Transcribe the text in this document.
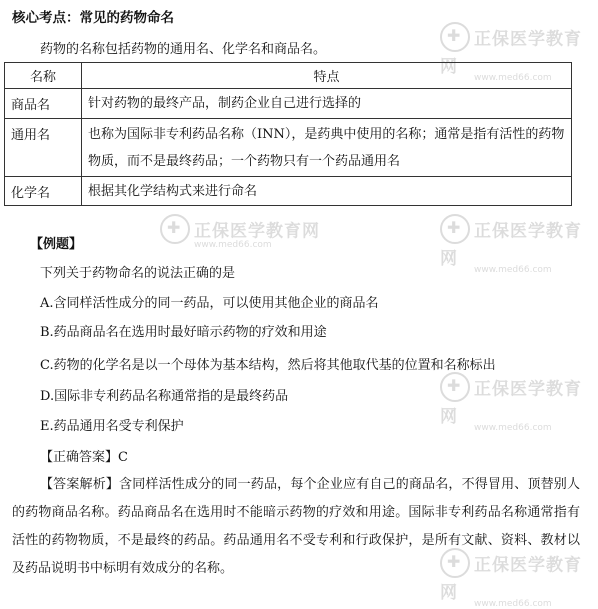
✚正保医学教育网
www.med66.com
✚正保医学教育网
www.med66.com
✚正保医学教育网
www.med66.com
✚正保医学教育网
www.med66.com
✚正保医学教育网
www.med66.com
核心考点：常见的药物命名
药物的名称包括药物的通用名、化学名和商品名。
名称	特点
商品名	针对药物的最终产品，制药企业自己进行选择的
通用名	也称为国际非专利药品名称（INN），是药典中使用的名称；通常是指有活性的药物物质，而不是最终药品；一个药物只有一个药品通用名
化学名	根据其化学结构式来进行命名
【例题】
下列关于药物命名的说法正确的是
A.含同样活性成分的同一药品，可以使用其他企业的商品名
B.药品商品名在选用时最好暗示药物的疗效和用途
C.药物的化学名是以一个母体为基本结构，然后将其他取代基的位置和名称标出
D.国际非专利药品名称通常指的是最终药品
E.药品通用名受专利保护
【正确答案】C
【答案解析】含同样活性成分的同一药品，每个企业应有自己的商品名，不得冒用、顶替别人的药物商品名称。药品商品名在选用时不能暗示药物的疗效和用途。国际非专利药品名称通常指有活性的药物物质，不是最终的药品。药品通用名不受专利和行政保护，是所有文献、资料、教材以及药品说明书中标明有效成分的名称。
